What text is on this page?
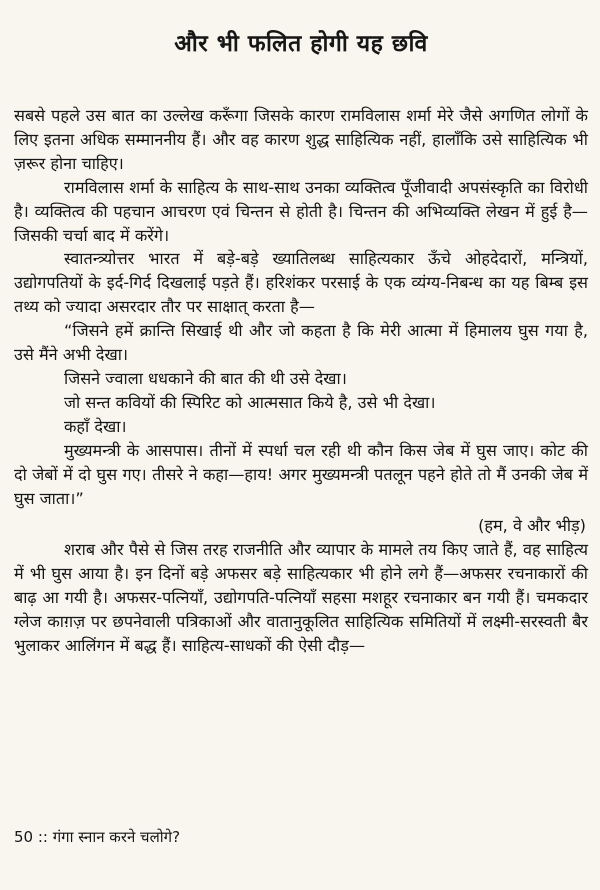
और भी फलित होगी यह छवि

सबसे पहले उस बात का उल्लेख करूँगा जिसके कारण रामविलास शर्मा मेरे जैसे अगणित लोगों के लिए इतना अधिक सम्माननीय हैं। और वह कारण शुद्ध साहित्यिक नहीं, हालाँकि उसे साहित्यिक भी ज़रूर होना चाहिए।

रामविलास शर्मा के साहित्य के साथ-साथ उनका व्यक्तित्व पूँजीवादी अपसंस्कृति का विरोधी है। व्यक्तित्व की पहचान आचरण एवं चिन्तन से होती है। चिन्तन की अभिव्यक्ति लेखन में हुई है—जिसकी चर्चा बाद में करेंगे।

स्वातन्त्र्योत्तर भारत में बड़े-बड़े ख्यातिलब्ध साहित्यकार ऊँचे ओहदेदारों, मन्त्रियों, उद्योगपतियों के इर्द-गिर्द दिखलाई पड़ते हैं। हरिशंकर परसाई के एक व्यंग्य-निबन्ध का यह बिम्ब इस तथ्य को ज्यादा असरदार तौर पर साक्षात् करता है—

“जिसने हमें क्रान्ति सिखाई थी और जो कहता है कि मेरी आत्मा में हिमालय घुस गया है, उसे मैंने अभी देखा।

जिसने ज्वाला धधकाने की बात की थी उसे देखा।

जो सन्त कवियों की स्पिरिट को आत्मसात किये है, उसे भी देखा।

कहाँ देखा।

मुख्यमन्त्री के आसपास। तीनों में स्पर्धा चल रही थी कौन किस जेब में घुस जाए। कोट की दो जेबों में दो घुस गए। तीसरे ने कहा—हाय! अगर मुख्यमन्त्री पतलून पहने होते तो मैं उनकी जेब में घुस जाता।”

(हम, वे और भीड़)

शराब और पैसे से जिस तरह राजनीति और व्यापार के मामले तय किए जाते हैं, वह साहित्य में भी घुस आया है। इन दिनों बड़े अफसर बड़े साहित्यकार भी होने लगे हैं—अफसर रचनाकारों की बाढ़ आ गयी है। अफसर-पत्नियाँ, उद्योगपति-पत्नियाँ सहसा मशहूर रचनाकार बन गयी हैं। चमकदार ग्लेज काग़ज़ पर छपनेवाली पत्रिकाओं और वातानुकूलित साहित्यिक समितियों में लक्ष्मी-सरस्वती बैर भुलाकर आलिंगन में बद्ध हैं। साहित्य-साधकों की ऐसी दौड़—

50 :: गंगा स्नान करने चलोगे?
